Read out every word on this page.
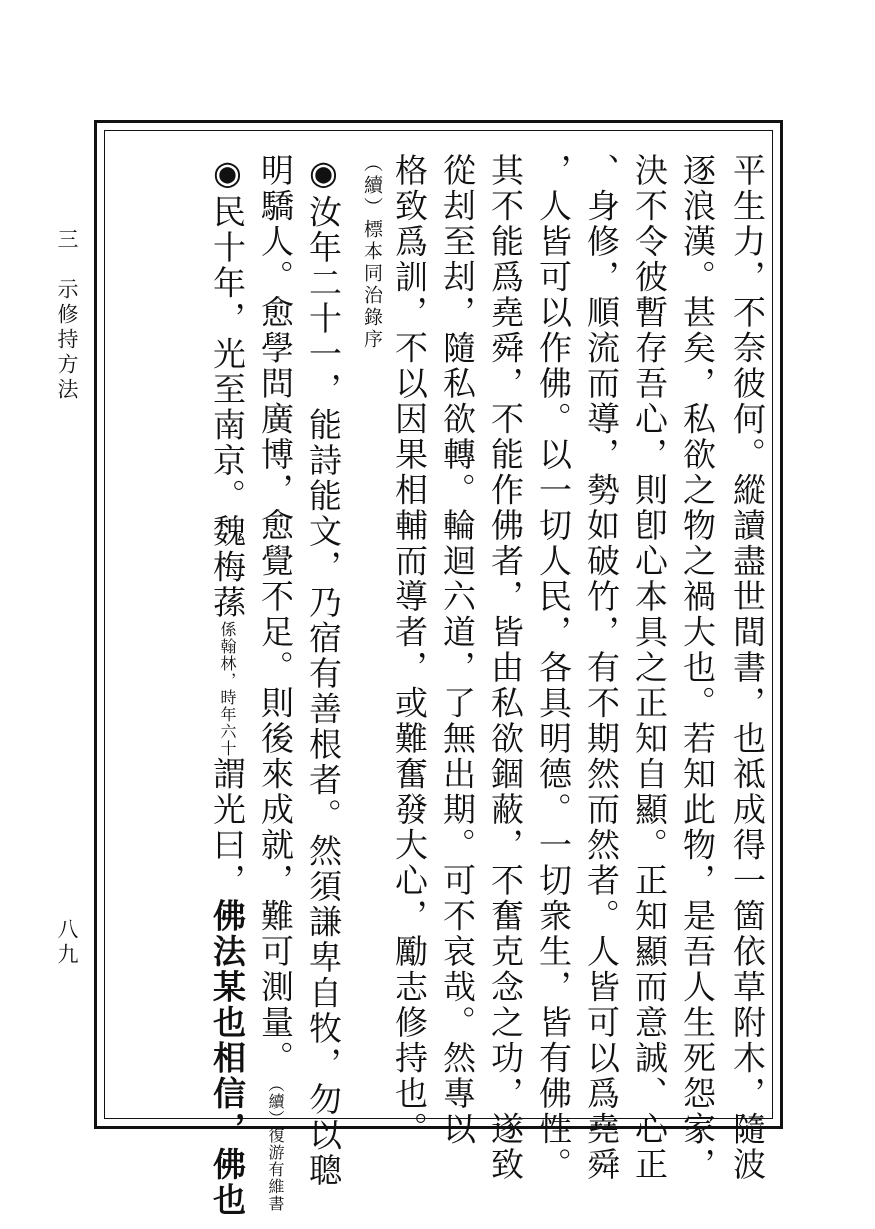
三　示修持方法
八九	平生力，不奈彼何。縱讀盡世間書，也祗成得一箇依草附木，隨波
逐浪漢。甚矣，私欲之物之禍大也。若知此物，是吾人生死怨家，
決不令彼暫存吾心，則卽心本具之正知自顯。正知顯而意誠、心正
、身修，順流而導，勢如破竹，有不期然而然者。人皆可以爲堯舜
，人皆可以作佛。以一切人民，各具明德。一切衆生，皆有佛性。
其不能爲堯舜，不能作佛者，皆由私欲錮蔽，不奮克念之功，遂致
從刦至刦，隨私欲轉。輪迴六道，了無出期。可不哀哉。然專以
格致爲訓，不以因果相輔而導者，或難奮發大心，勵志修持也。
（續）標本同治錄序
◉汝年二十一，能詩能文，乃宿有善根者。然須謙卑自牧，勿以聰
明驕人。愈學問廣博，愈覺不足。則後來成就，難可測量。（續）復游有維書
◉民十年，光至南京。魏梅蓀係翰林，時年六十謂光曰，佛法某也相信，佛也
